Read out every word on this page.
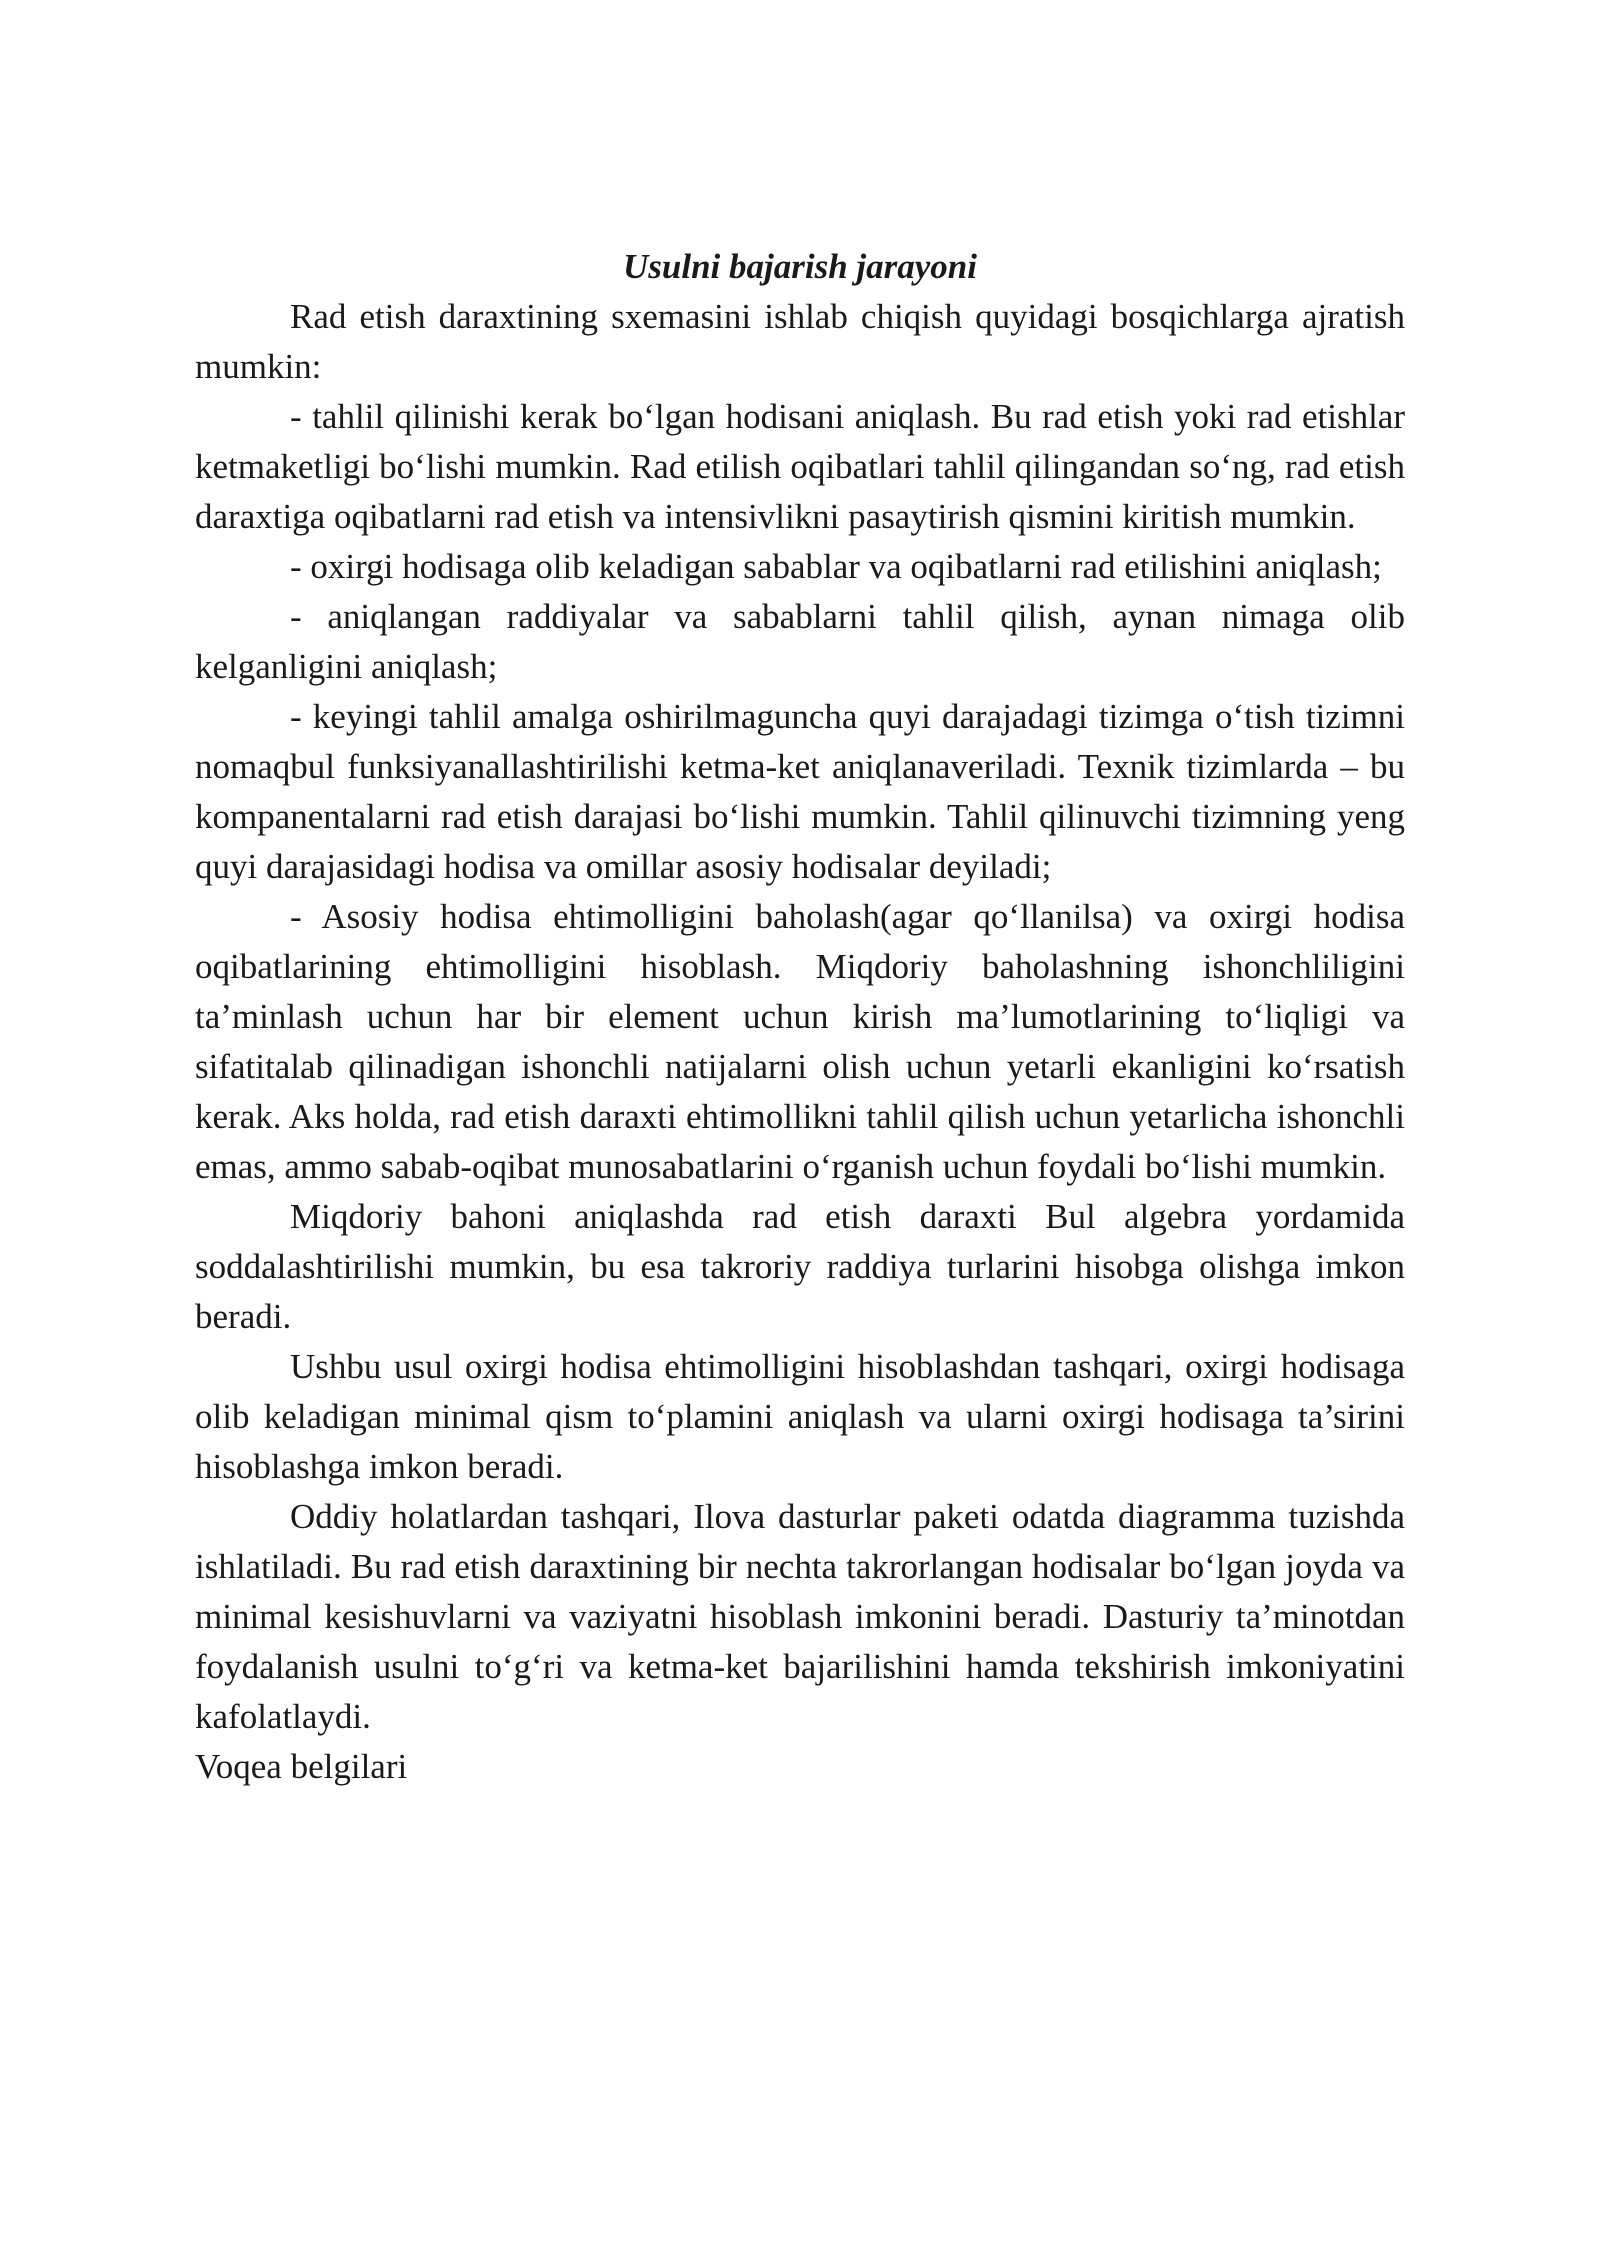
Usulni bajarish jarayoni

Rad etish daraxtining sxemasini ishlab chiqish quyidagi bosqichlarga ajratish mumkin:

- tahlil qilinishi kerak bo‘lgan hodisani aniqlash. Bu rad etish yoki rad etishlar ketmaketligi bo‘lishi mumkin. Rad etilish oqibatlari tahlil qilingandan so‘ng, rad etish daraxtiga oqibatlarni rad etish va intensivlikni pasaytirish qismini kiritish mumkin.

- oxirgi hodisaga olib keladigan sabablar va oqibatlarni rad etilishini aniqlash;

- aniqlangan raddiyalar va sabablarni tahlil qilish, aynan nimaga olib kelganligini aniqlash;

- keyingi tahlil amalga oshirilmaguncha quyi darajadagi tizimga o‘tish tizimni nomaqbul funksiyanallashtirilishi ketma-ket aniqlanaveriladi. Texnik tizimlarda – bu kompanentalarni rad etish darajasi bo‘lishi mumkin. Tahlil qilinuvchi tizimning yeng quyi darajasidagi hodisa va omillar asosiy hodisalar deyiladi;

- Asosiy hodisa ehtimolligini baholash(agar qo‘llanilsa) va oxirgi hodisa oqibatlarining ehtimolligini hisoblash. Miqdoriy baholashning ishonchliligini ta’minlash uchun har bir element uchun kirish ma’lumotlarining to‘liqligi va sifatitalab qilinadigan ishonchli natijalarni olish uchun yetarli ekanligini ko‘rsatish kerak. Aks holda, rad etish daraxti ehtimollikni tahlil qilish uchun yetarlicha ishonchli emas, ammo sabab-oqibat munosabatlarini o‘rganish uchun foydali bo‘lishi mumkin.

Miqdoriy bahoni aniqlashda rad etish daraxti Bul algebra yordamida soddalashtirilishi mumkin, bu esa takroriy raddiya turlarini hisobga olishga imkon beradi.

Ushbu usul oxirgi hodisa ehtimolligini hisoblashdan tashqari, oxirgi hodisaga olib keladigan minimal qism to‘plamini aniqlash va ularni oxirgi hodisaga ta’sirini hisoblashga imkon beradi.

Oddiy holatlardan tashqari, Ilova dasturlar paketi odatda diagramma tuzishda ishlatiladi. Bu rad etish daraxtining bir nechta takrorlangan hodisalar bo‘lgan joyda va minimal kesishuvlarni va vaziyatni hisoblash imkonini beradi. Dasturiy ta’minotdan foydalanish usulni to‘g‘ri va ketma-ket bajarilishini hamda tekshirish imkoniyatini kafolatlaydi.

Voqea belgilari
